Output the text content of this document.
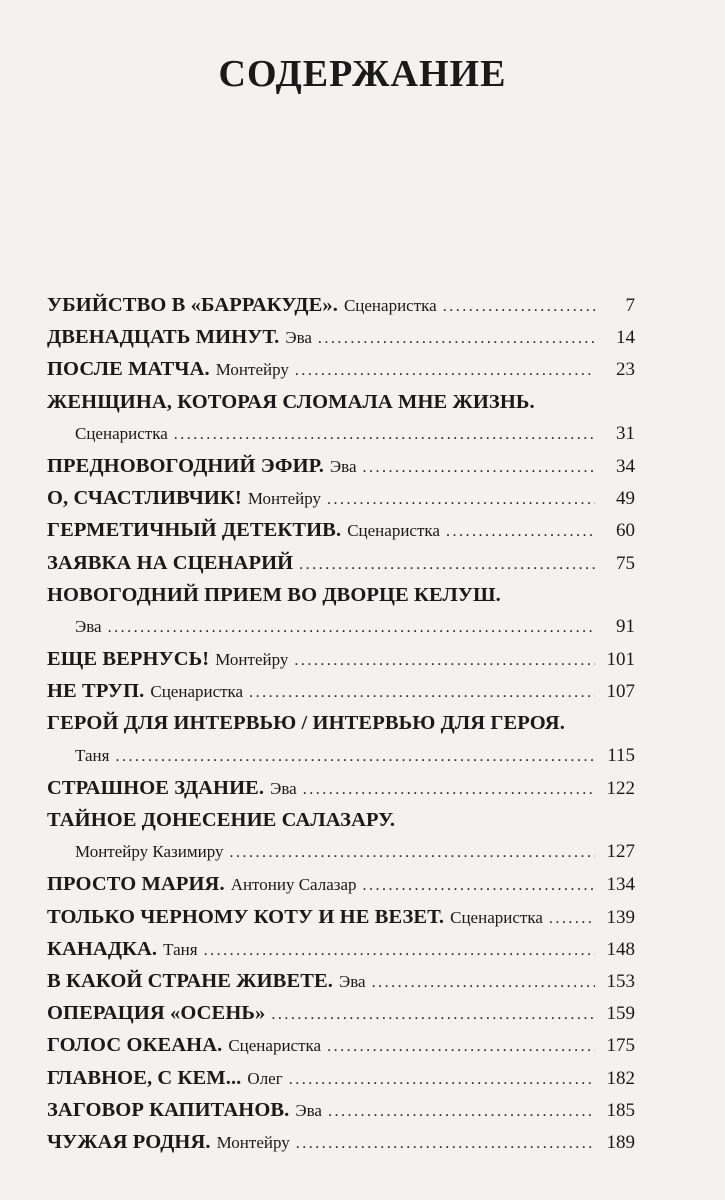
СОДЕРЖАНИЕ
УБИЙСТВО В «БАРРАКУДЕ». Сценаристка .....	7
ДВЕНАДЦАТЬ МИНУТ. Эва .....	14
ПОСЛЕ МАТЧА. Монтейру .....	23
ЖЕНЩИНА, КОТОРАЯ СЛОМАЛА МНЕ ЖИЗНЬ.
Сценаристка .....	31
ПРЕДНОВОГОДНИЙ ЭФИР. Эва .....	34
О, СЧАСТЛИВЧИК! Монтейру .....	49
ГЕРМЕТИЧНЫЙ ДЕТЕКТИВ. Сценаристка .....	60
ЗАЯВКА НА СЦЕНАРИЙ .....	75
НОВОГОДНИЙ ПРИЕМ ВО ДВОРЦЕ КЕЛУШ.
Эва .....	91
ЕЩЕ ВЕРНУСЬ! Монтейру .....	101
НЕ ТРУП. Сценаристка .....	107
ГЕРОЙ ДЛЯ ИНТЕРВЬЮ / ИНТЕРВЬЮ ДЛЯ ГЕРОЯ.
Таня .....	115
СТРАШНОЕ ЗДАНИЕ. Эва .....	122
ТАЙНОЕ ДОНЕСЕНИЕ САЛАЗАРУ.
Монтейру Казимиру .....	127
ПРОСТО МАРИЯ. Антониу Салазар .....	134
ТОЛЬКО ЧЕРНОМУ КОТУ И НЕ ВЕЗЕТ. Сценаристка .....	139
КАНАДКА. Таня .....	148
В КАКОЙ СТРАНЕ ЖИВЕТЕ. Эва .....	153
ОПЕРАЦИЯ «ОСЕНЬ» .....	159
ГОЛОС ОКЕАНА. Сценаристка .....	175
ГЛАВНОЕ, С КЕМ... Олег .....	182
ЗАГОВОР КАПИТАНОВ. Эва .....	185
ЧУЖАЯ РОДНЯ. Монтейру .....	189
